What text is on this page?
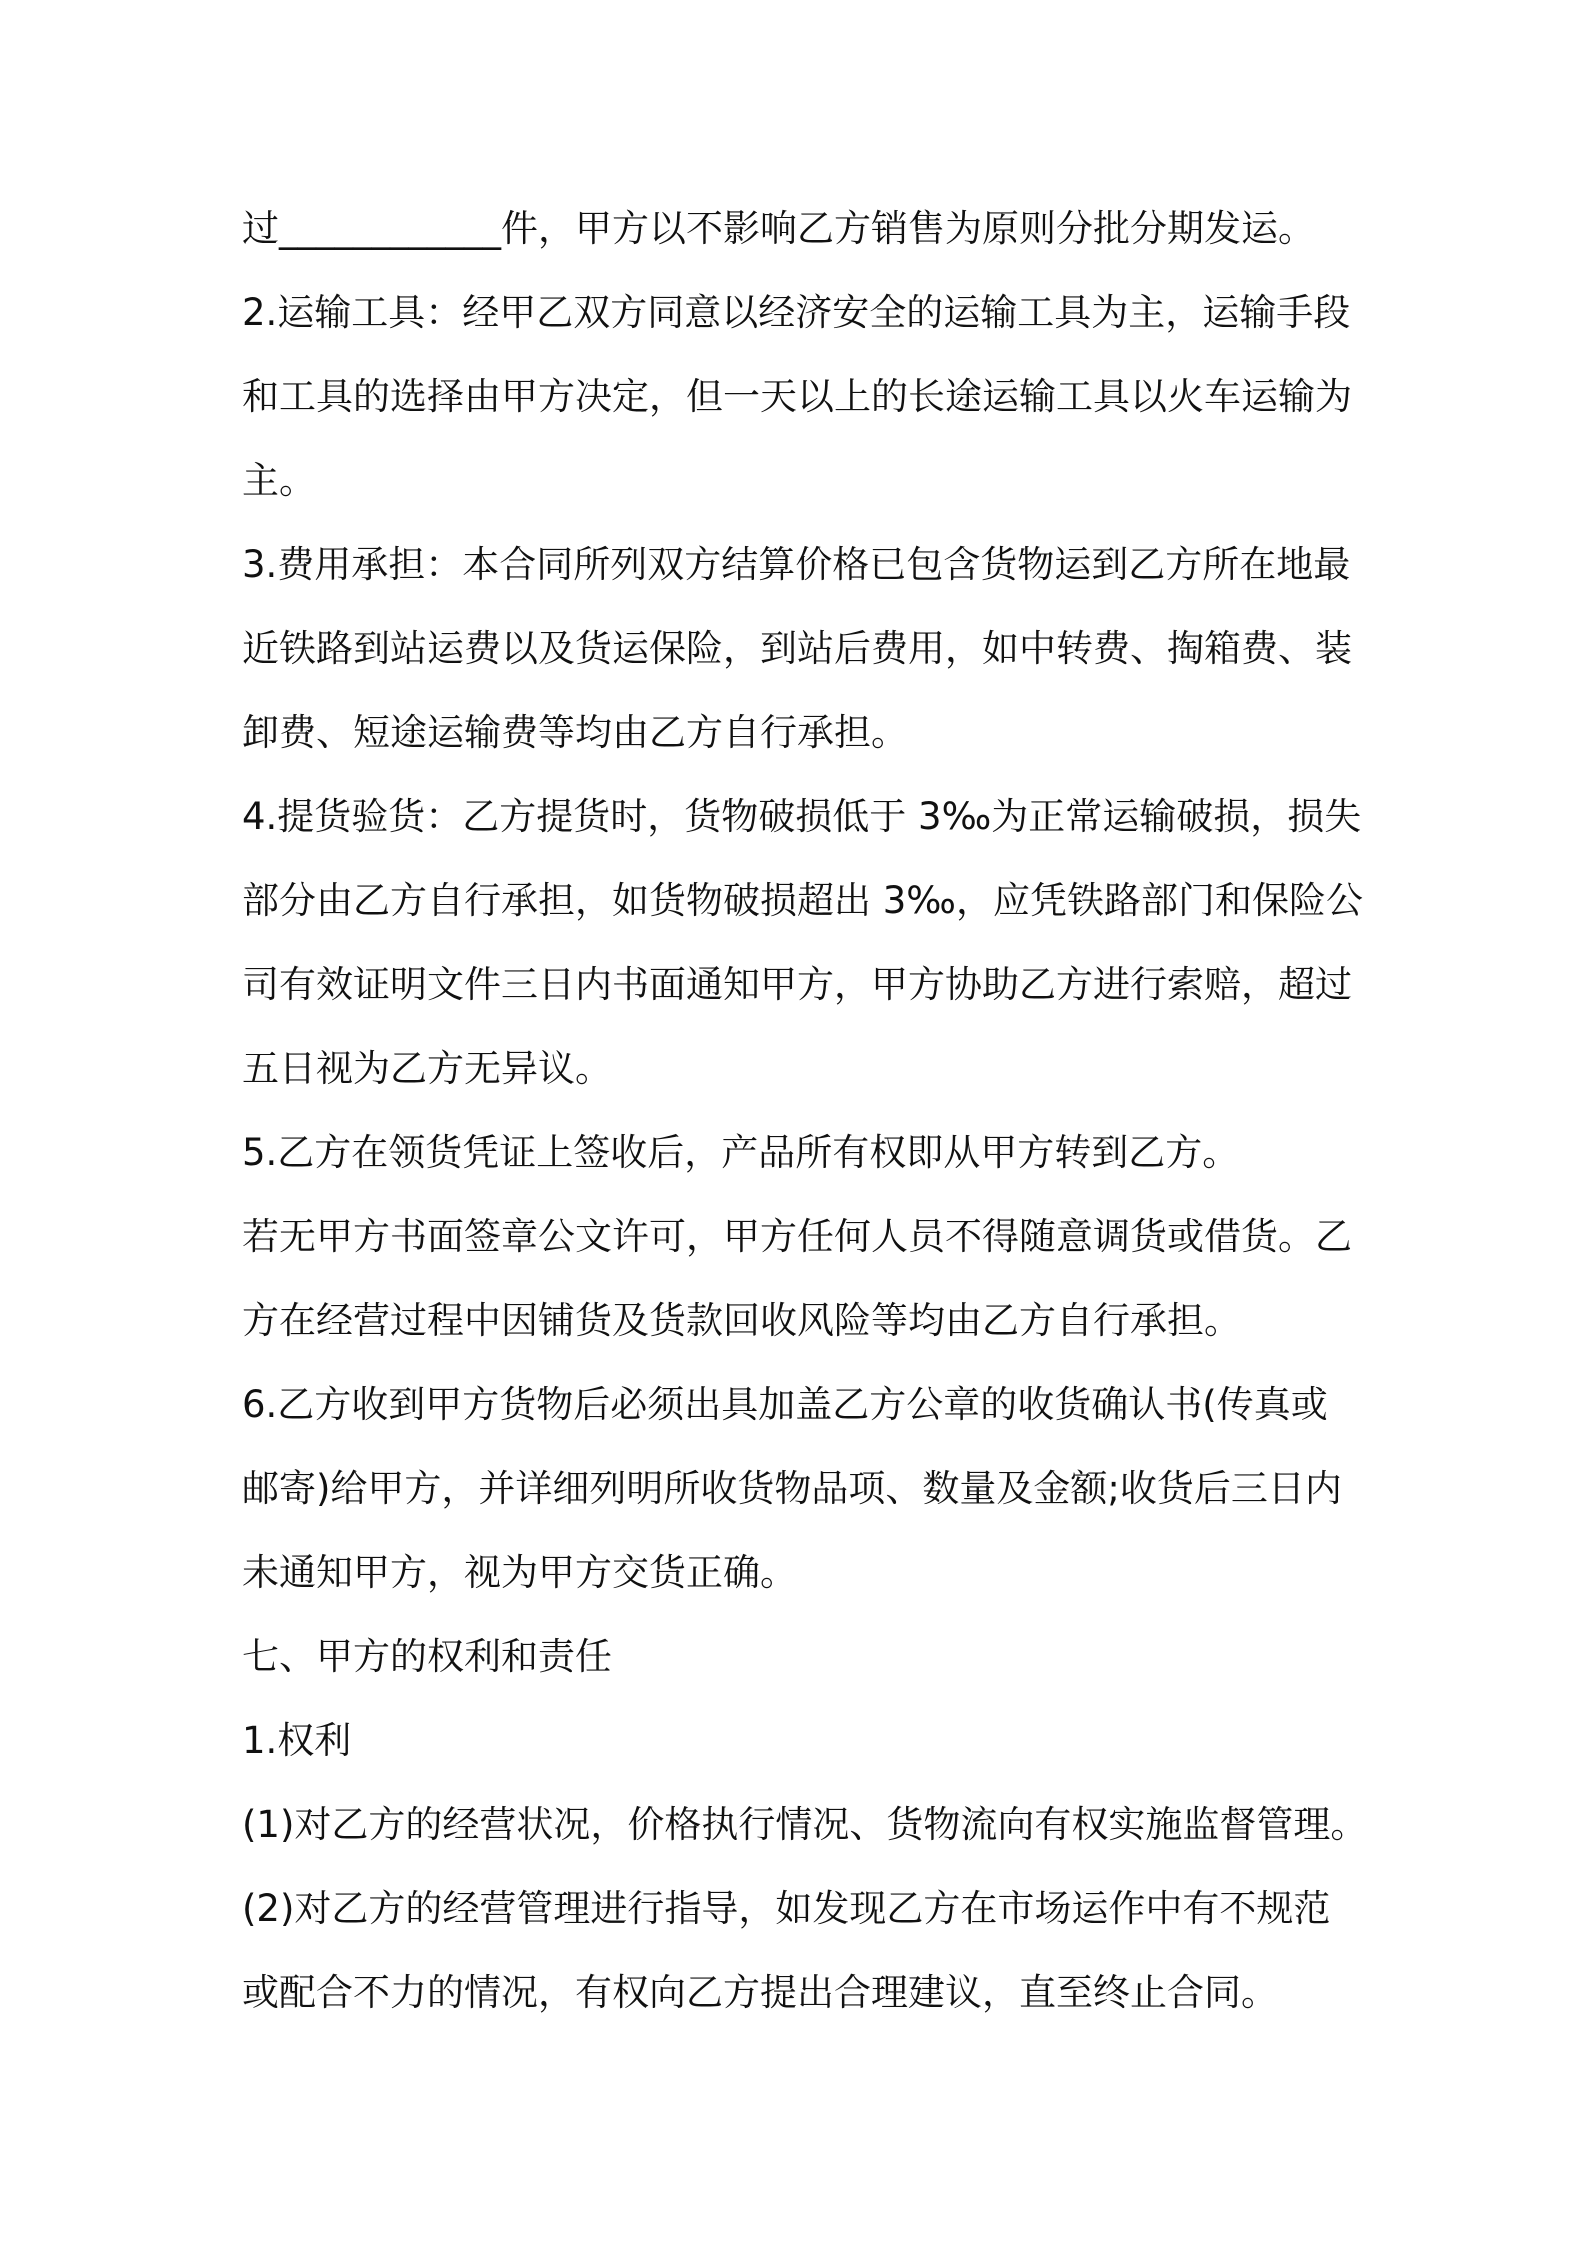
过____________件，甲方以不影响乙方销售为原则分批分期发运。
2.运输工具：经甲乙双方同意以经济安全的运输工具为主，运输手段
和工具的选择由甲方决定，但一天以上的长途运输工具以火车运输为
主。
3.费用承担：本合同所列双方结算价格已包含货物运到乙方所在地最
近铁路到站运费以及货运保险，到站后费用，如中转费、掏箱费、装
卸费、短途运输费等均由乙方自行承担。
4.提货验货：乙方提货时，货物破损低于 3‰为正常运输破损，损失
部分由乙方自行承担，如货物破损超出 3‰，应凭铁路部门和保险公
司有效证明文件三日内书面通知甲方，甲方协助乙方进行索赔，超过
五日视为乙方无异议。
5.乙方在领货凭证上签收后，产品所有权即从甲方转到乙方。
若无甲方书面签章公文许可，甲方任何人员不得随意调货或借货。乙
方在经营过程中因铺货及货款回收风险等均由乙方自行承担。
6.乙方收到甲方货物后必须出具加盖乙方公章的收货确认书(传真或
邮寄)给甲方，并详细列明所收货物品项、数量及金额;收货后三日内
未通知甲方，视为甲方交货正确。
七、甲方的权利和责任
1.权利
(1)对乙方的经营状况，价格执行情况、货物流向有权实施监督管理。
(2)对乙方的经营管理进行指导，如发现乙方在市场运作中有不规范
或配合不力的情况，有权向乙方提出合理建议，直至终止合同。
